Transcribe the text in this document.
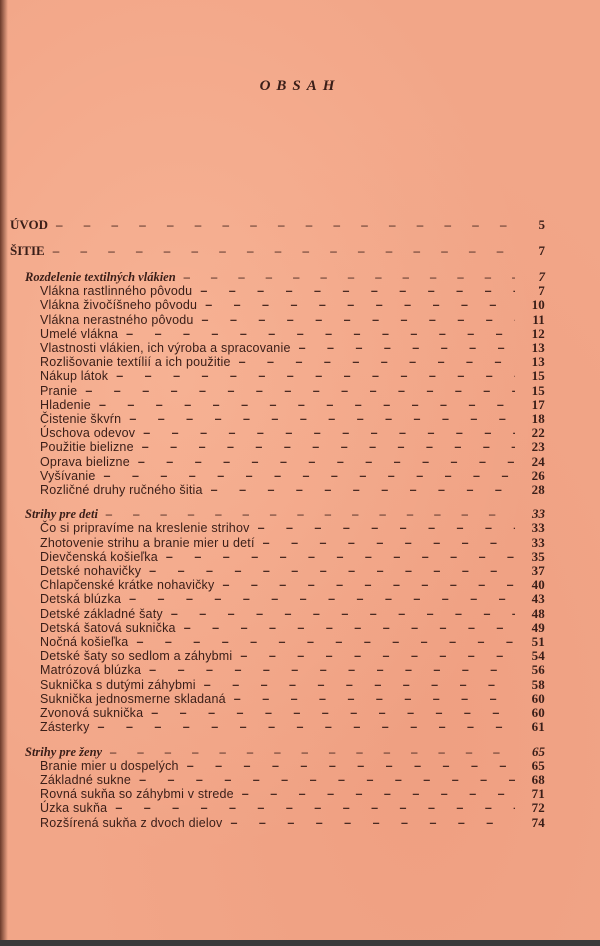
OBSAH
ÚVOD – – –	5
ŠITIE – – –	7
Rozdelenie textilných vlákien – – –	7
Vlákna rastlinného pôvodu – – –	7
Vlákna živočíšneho pôvodu – – –	10
Vlákna nerastného pôvodu – – –	11
Umelé vlákna – – –	12
Vlastnosti vlákien, ich výroba a spracovanie – – –	13
Rozlišovanie textílií a ich použitie – – –	13
Nákup látok – – –	15
Pranie – – –	15
Hladenie – – –	17
Čistenie škvŕn – – –	18
Úschova odevov – – –	22
Použitie bielizne – – –	23
Oprava bielizne – – –	24
Vyšívanie – – –	26
Rozličné druhy ručného šitia – – –	28
Strihy pre deti – – –	33
Čo si pripravíme na kreslenie strihov – – –	33
Zhotovenie strihu a branie mier u detí – – –	33
Dievčenská košieľka – – –	35
Detské nohavičky – – –	37
Chlapčenské krátke nohavičky – – –	40
Detská blúzka – – –	43
Detské základné šaty – – –	48
Detská šatová suknička – – –	49
Nočná košieľka – – –	51
Detské šaty so sedlom a záhybmi – – –	54
Matrózová blúzka – – –	56
Suknička s dutými záhybmi – – –	58
Suknička jednosmerne skladaná – – –	60
Zvonová suknička – – –	60
Zásterky – – –	61
Strihy pre ženy – – –	65
Branie mier u dospelých – – –	65
Základné sukne – – –	68
Rovná sukňa so záhybmi v strede – – –	71
Úzka sukňa – – –	72
Rozšírená sukňa z dvoch dielov – – –	74
